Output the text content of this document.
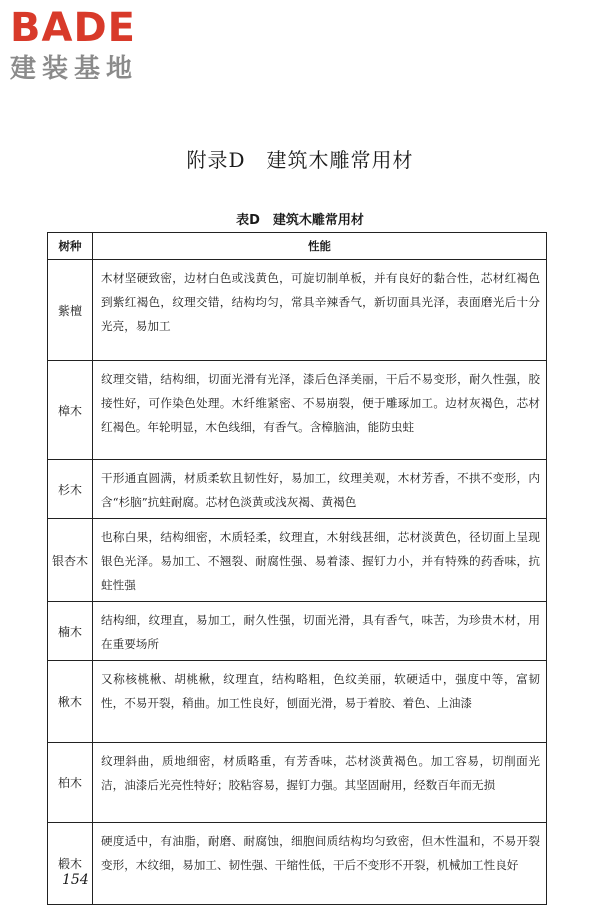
BADE
建装基地
附录D　建筑木雕常用材
表D　建筑木雕常用材
树种	性能
紫檀	木材坚硬致密，边材白色或浅黄色，可旋切制单板，并有良好的黏合性，芯材红褐色到紫红褐色，纹理交错，结构均匀，常具辛辣香气，新切面具光泽，表面磨光后十分光亮，易加工
樟木	纹理交错，结构细，切面光滑有光泽，漆后色泽美丽，干后不易变形，耐久性强，胶接性好，可作染色处理。木纤维紧密、不易崩裂，便于雕琢加工。边材灰褐色，芯材红褐色。年轮明显，木色线细，有香气。含樟脑油，能防虫蛀
杉木	干形通直圆满，材质柔软且韧性好，易加工，纹理美观，木材芳香，不拱不变形，内含“杉脑”抗蛀耐腐。芯材色淡黄或浅灰褐、黄褐色
银杏木	也称白果，结构细密，木质轻柔，纹理直，木射线甚细，芯材淡黄色，径切面上呈现银色光泽。易加工、不翘裂、耐腐性强、易着漆、握钉力小，并有特殊的药香味，抗蛀性强
楠木	结构细，纹理直，易加工，耐久性强，切面光滑，具有香气，味苦，为珍贵木材，用在重要场所
楸木	又称核桃楸、胡桃楸，纹理直，结构略粗，色纹美丽，软硬适中，强度中等，富韧性，不易开裂，稍曲。加工性良好，刨面光滑，易于着胶、着色、上油漆
柏木	纹理斜曲，质地细密，材质略重，有芳香味，芯材淡黄褐色。加工容易，切削面光洁，油漆后光亮性特好；胶粘容易，握钉力强。其坚固耐用，经数百年而无损
椴木	硬度适中，有油脂，耐磨、耐腐蚀，细胞间质结构均匀致密，但木性温和，不易开裂变形，木纹细，易加工、韧性强、干缩性低，干后不变形不开裂，机械加工性良好
154
